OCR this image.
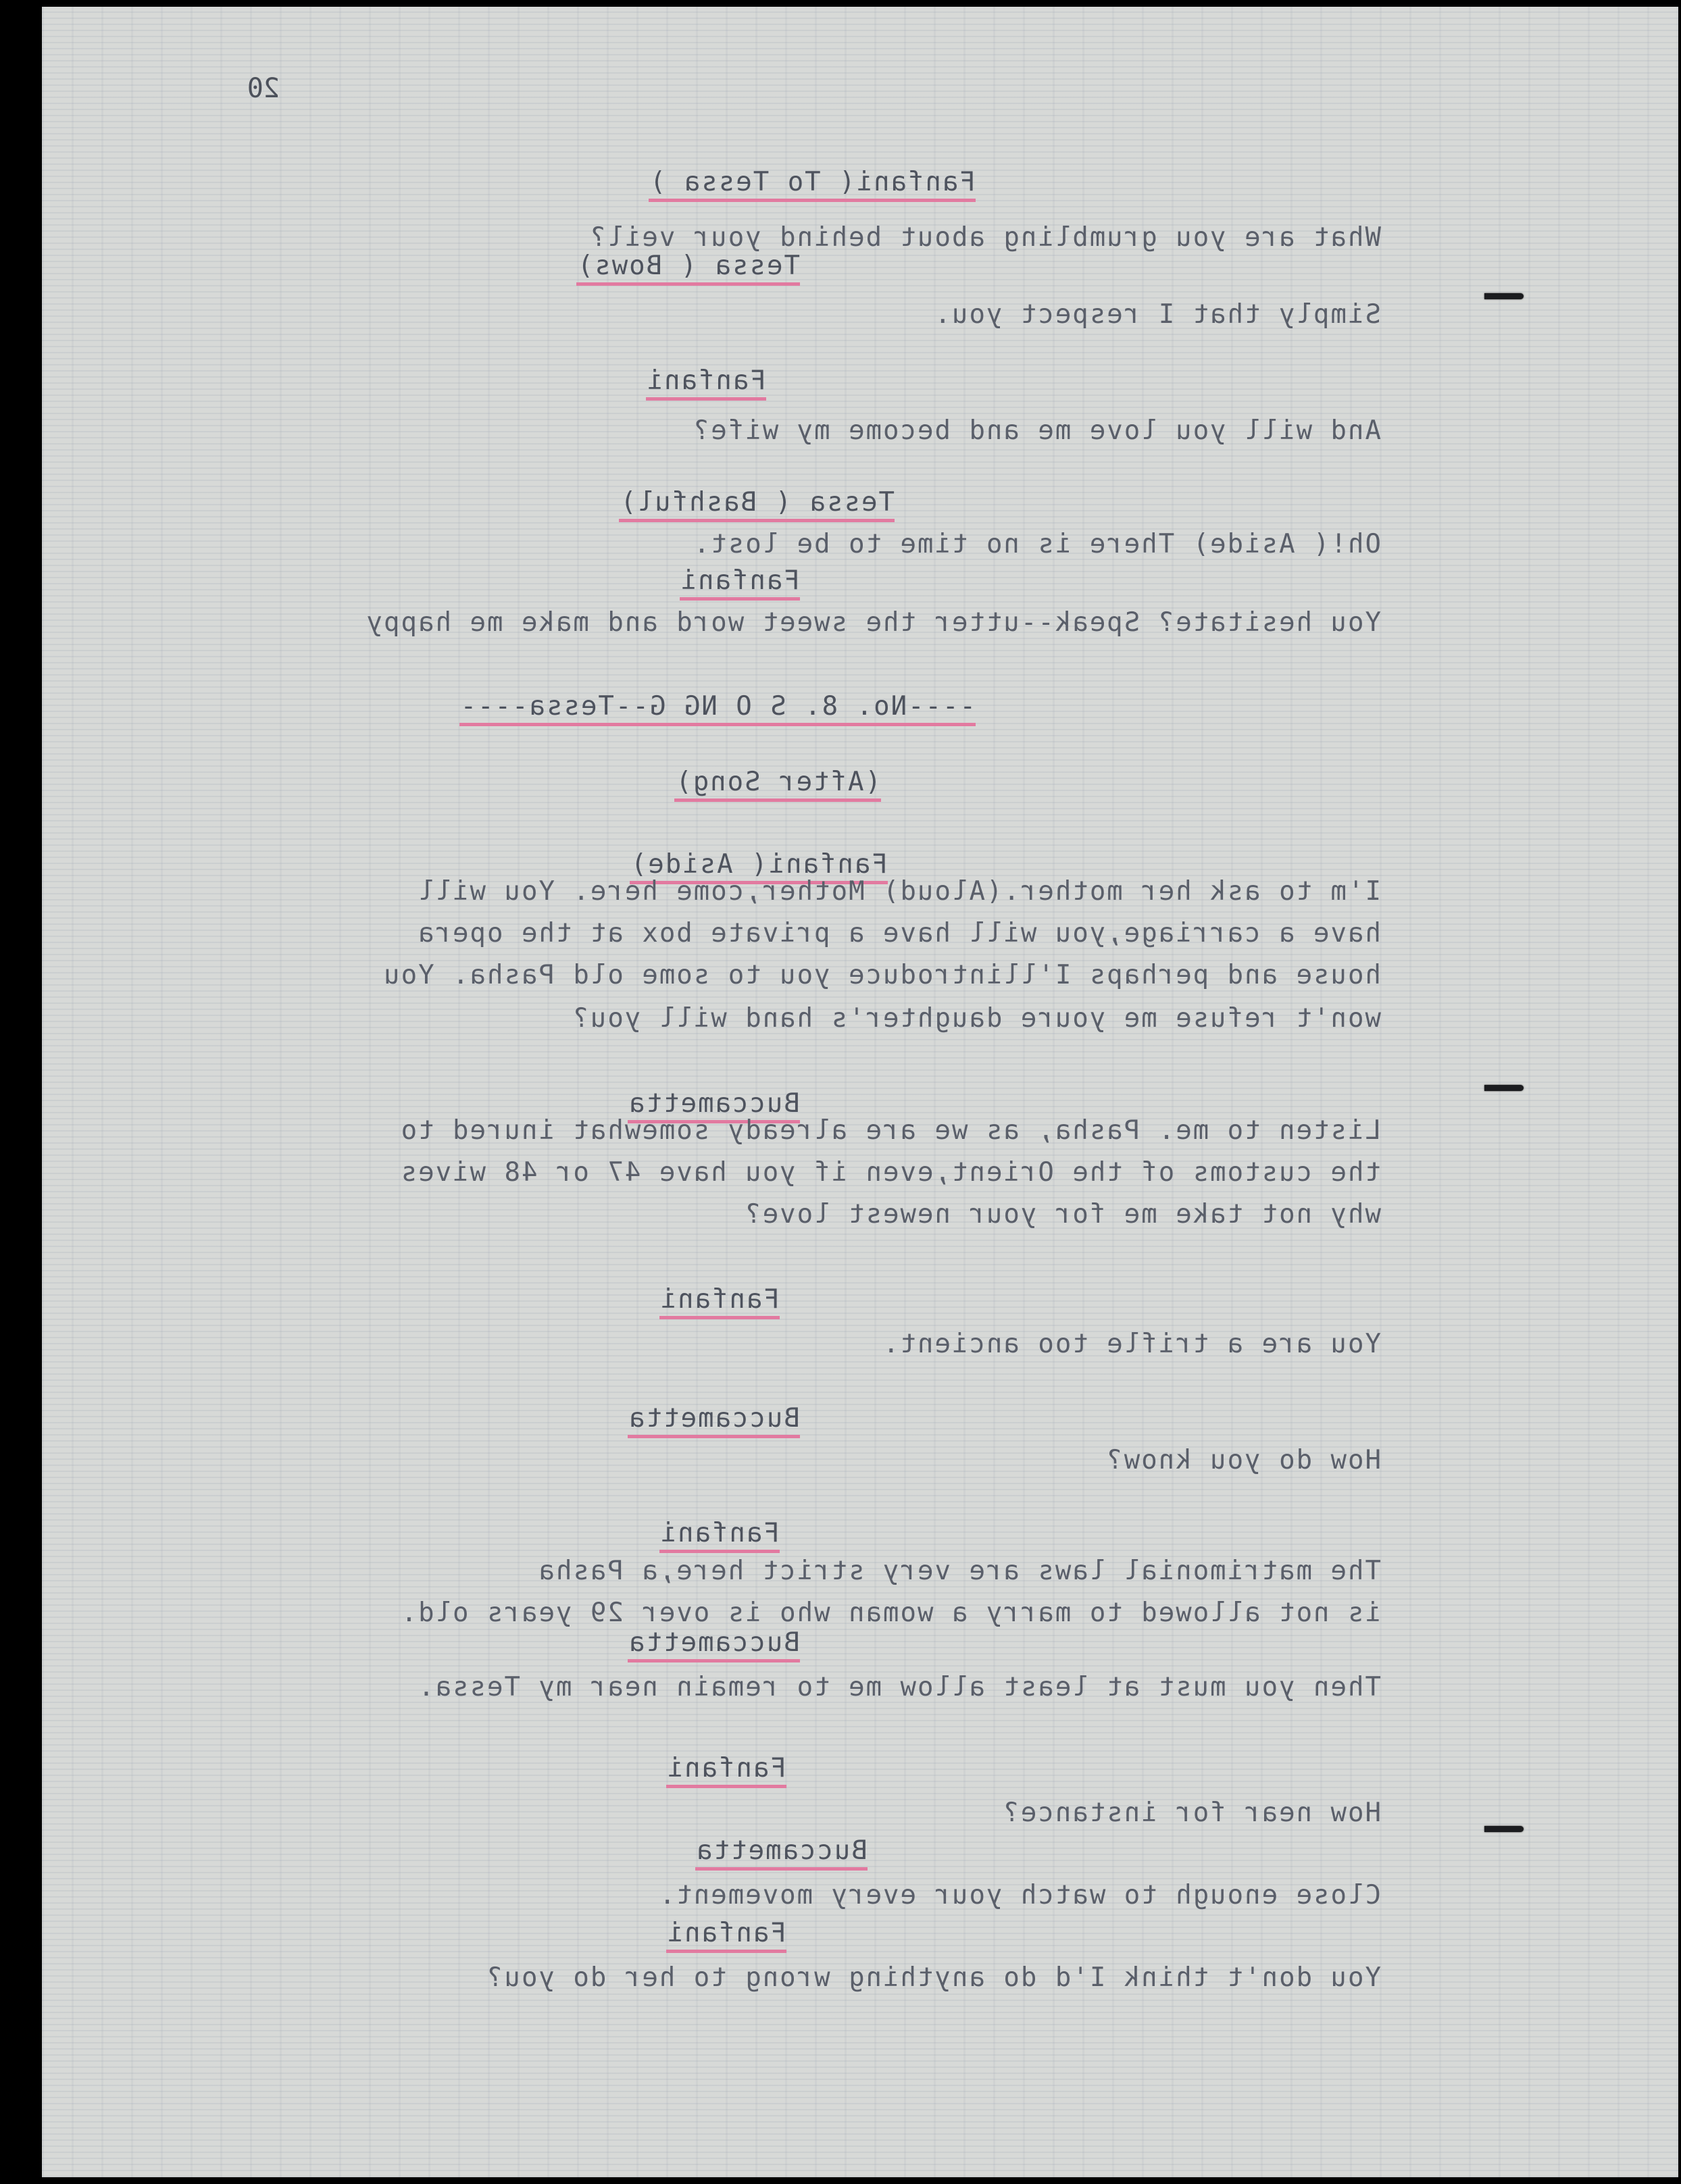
20
Fanfani( To Tessa )
What are you grumbling about behind your veil?
Tessa ( Bows)
Simply that I respect you.
Fanfani
And will you love me and become my wife?
Tessa ( Bashful)
Oh!( Aside) There is no time to be lost.
Fanfani
You hesitate? Speak--utter the sweet word and make me happy
----No. 8. S O NG G--Tessa----
(After Song)
Fanfani( Aside)
I'm to ask her mother.(Aloud) Mother,come here. You will
have a carriage,you will have a private box at the opera
house and perhaps I'llintroduce you to some old Pasha. You
won't refuse me youre daughter's hand will you?
Buccametta
Listen to me. Pasha, as we are already somewhat inured to
the customs of the Orient,even if you have 47 or 48 wives
why not take me for your newest love?
Fanfani
You are a trifle too ancient.
Buccametta
How do you know?
Fanfani
The matrimonial laws are very strict here,a Pasha
is not allowed to marry a woman who is over 29 years old.
Buccametta
Then you must at least allow me to remain near my Tessa.
Fanfani
How near for instance?
Buccametta
Close enough to watch your every movement.
Fanfani
You don't think I'd do anything wrong to her do you?
